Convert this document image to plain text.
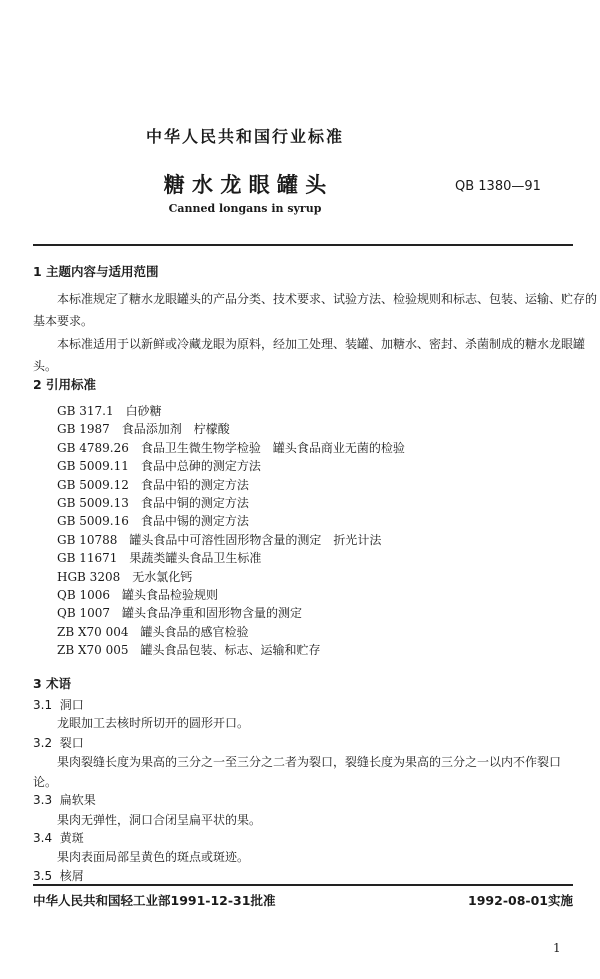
中华人民共和国行业标准
糖 水 龙 眼 罐 头	QB 1380—91
Canned longans in syrup
1 主题内容与适用范围
本标准规定了糖水龙眼罐头的产品分类、技术要求、试验方法、检验规则和标志、包装、运输、贮存的
基本要求。
本标准适用于以新鲜或冷藏龙眼为原料，经加工处理、装罐、加糖水、密封、杀菌制成的糖水龙眼罐
头。
2 引用标准
GB 317.1 白砂糖
GB 1987 食品添加剂　柠檬酸
GB 4789.26 食品卫生微生物学检验　罐头食品商业无菌的检验
GB 5009.11 食品中总砷的测定方法
GB 5009.12 食品中铅的测定方法
GB 5009.13 食品中铜的测定方法
GB 5009.16 食品中锡的测定方法
GB 10788 罐头食品中可溶性固形物含量的测定　折光计法
GB 11671 果蔬类罐头食品卫生标准
HGB 3208 无水氯化钙
QB 1006 罐头食品检验规则
QB 1007 罐头食品净重和固形物含量的测定
ZB X70 004 罐头食品的感官检验
ZB X70 005 罐头食品包装、标志、运输和贮存
3 术语
3.1 洞口
龙眼加工去核时所切开的圆形开口。
3.2 裂口
果肉裂缝长度为果高的三分之一至三分之二者为裂口，裂缝长度为果高的三分之一以内不作裂口
论。
3.3 扁软果
果肉无弹性，洞口合闭呈扁平状的果。
3.4 黄斑
果肉表面局部呈黄色的斑点或斑迹。
3.5 核屑
中华人民共和国轻工业部1991-12-31批准	1992-08-01实施
1
